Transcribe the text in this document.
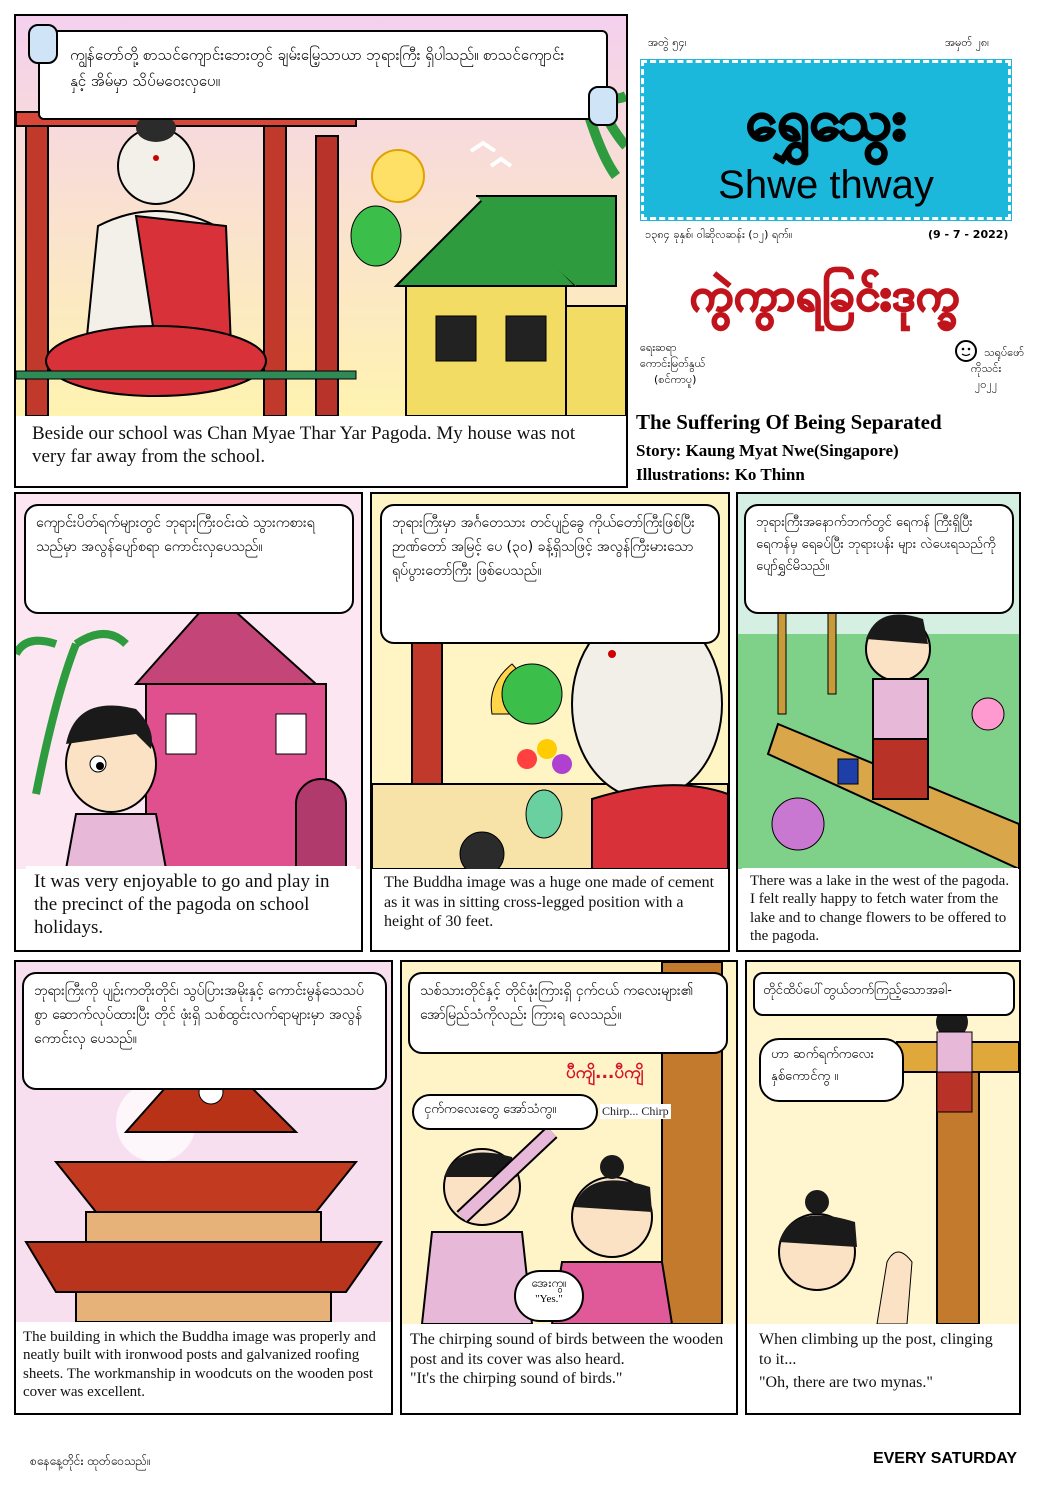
အတွဲ ၅၄၊	အမှတ် ၂၈၊
ရွှေသွေး
Shwe thway
၁၃၈၄ ခုနှစ်၊ ဝါဆိုလဆန်း (၁၂) ရက်။	(9 - 7 - 2022)
ကွဲကွာရခြင်းဒုက္ခ
ရေးဆရာ
ကောင်းမြတ်နွယ်
(စင်ကာပူ)
သရုပ်ဖော်
ကိုသင်း
၂၀၂၂
The Suffering Of Being Separated
Story: Kaung Myat Nwe(Singapore)
Illustrations: Ko Thinn
ကျွန်တော်တို့ စာသင်ကျောင်းဘေးတွင် ချမ်းမြေ့သာယာ ဘုရားကြီး ရှိပါသည်။ စာသင်ကျောင်းနှင့် အိမ်မှာ သိပ်မဝေးလှပေ။
Beside our school was Chan Myae Thar Yar Pagoda. My house was not very far away from the school.
ကျောင်းပိတ်ရက်များတွင် ဘုရားကြီးဝင်းထဲ သွားကစားရသည်မှာ အလွန်ပျော်စရာ ကောင်းလှပေသည်။
It was very enjoyable to go and play in the precinct of the pagoda on school holidays.
ဘုရားကြီးမှာ အင်္ဂတေသား တင်ပျဉ်ခွေ ကိုယ်တော်ကြီးဖြစ်ပြီး ဉာဏ်တော် အမြင့် ပေ (၃၀) ခန့်ရှိသဖြင့် အလွန်ကြီးမားသော ရုပ်ပွားတော်ကြီး ဖြစ်ပေသည်။
The Buddha image was a huge one made of cement as it was in sitting cross-legged position with a height of 30 feet.
ဘုရားကြီးအနောက်ဘက်တွင် ရေကန် ကြီးရှိပြီး ရေကန်မှ ရေခပ်ပြီး ဘုရားပန်း များ လဲပေးရသည်ကို ပျော်ရွှင်မိသည်။
There was a lake in the west of the pagoda. I felt really happy to fetch water from the lake and to change flowers to be offered to the pagoda.
ဘုရားကြီးကို ပျဉ်းကတိုးတိုင်၊ သွပ်ပြားအမိုးနှင့် ကောင်းမွန်သေသပ်စွာ ဆောက်လုပ်ထားပြီး တိုင် ဖုံးရှိ သစ်ထွင်းလက်ရာများမှာ အလွန်ကောင်းလှ ပေသည်။
The building in which the Buddha image was properly and neatly built with ironwood posts and galvanized roofing sheets. The workmanship in woodcuts on the wooden post cover was excellent.
သစ်သားတိုင်နှင့် တိုင်ဖုံးကြားရှိ ငှက်ငယ် ကလေးများ၏ အော်မြည်သံကိုလည်း ကြားရ လေသည်။
ပီကျိ...ပီကျိ
ငှက်ကလေးတွေ အော်သံကွ။	Chirp... Chirp
အေးကွ။
"Yes."
The chirping sound of birds between the wooden post and its cover was also heard.
"It's the chirping sound of birds."
တိုင်ထိပ်ပေါ်တွယ်တက်ကြည့်သောအခါ-
ဟာ ဆက်ရက်ကလေး နှစ်ကောင်ကွ ။
When climbing up the post, clinging to it...
"Oh, there are two mynas."
စနေနေ့တိုင်း ထုတ်ဝေသည်။	EVERY SATURDAY
